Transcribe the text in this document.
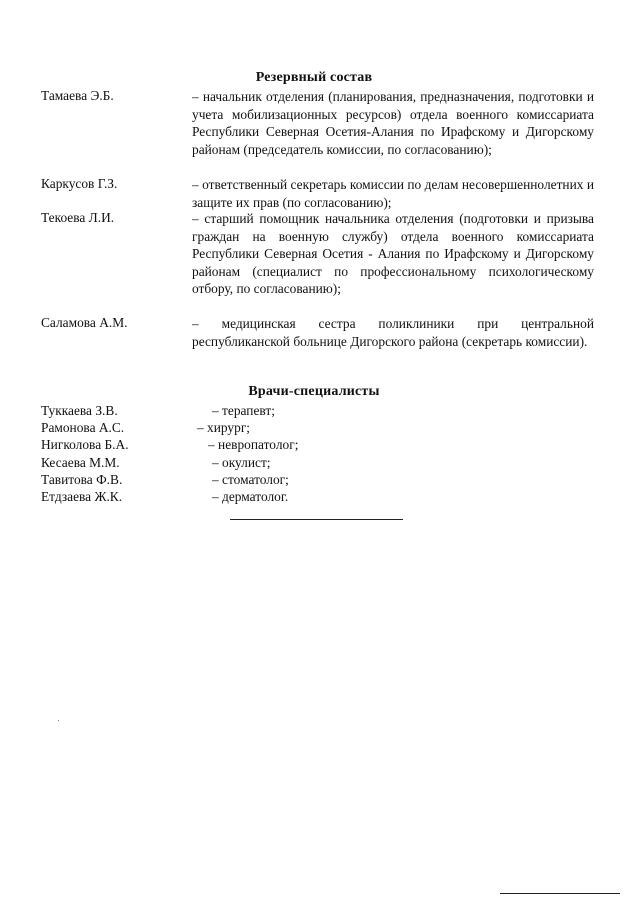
Резервный состав
Тамаева Э.Б.	– начальник отделения (планирования, предназначения, подготовки и учета мобилизационных ресурсов) отдела военного комиссариата Республики Северная Осетия-Алания по Ирафскому и Дигорскому районам (председатель комиссии, по согласованию);
Каркусов Г.З.	– ответственный секретарь комиссии по делам несовершеннолетних и защите их прав (по согласованию);
Текоева Л.И.	– старший помощник начальника отделения (подготовки и призыва граждан на военную службу) отдела военного комиссариата Республики Северная Осетия - Алания по Ирафскому и Дигорскому районам (специалист по профессиональному психологическому отбору, по согласованию);
Саламова А.М.	– медицинская сестра поликлиники при центральной республиканской больнице Дигорского района (секретарь комиссии).
Врачи-специалисты
Туккаева З.В.	– терапевт;
Рамонова А.С.	– хирург;
Нигколова Б.А.	– невропатолог;
Кесаева М.М.	– окулист;
Тавитова Ф.В.	– стоматолог;
Етдзаева Ж.К.	– дерматолог.
